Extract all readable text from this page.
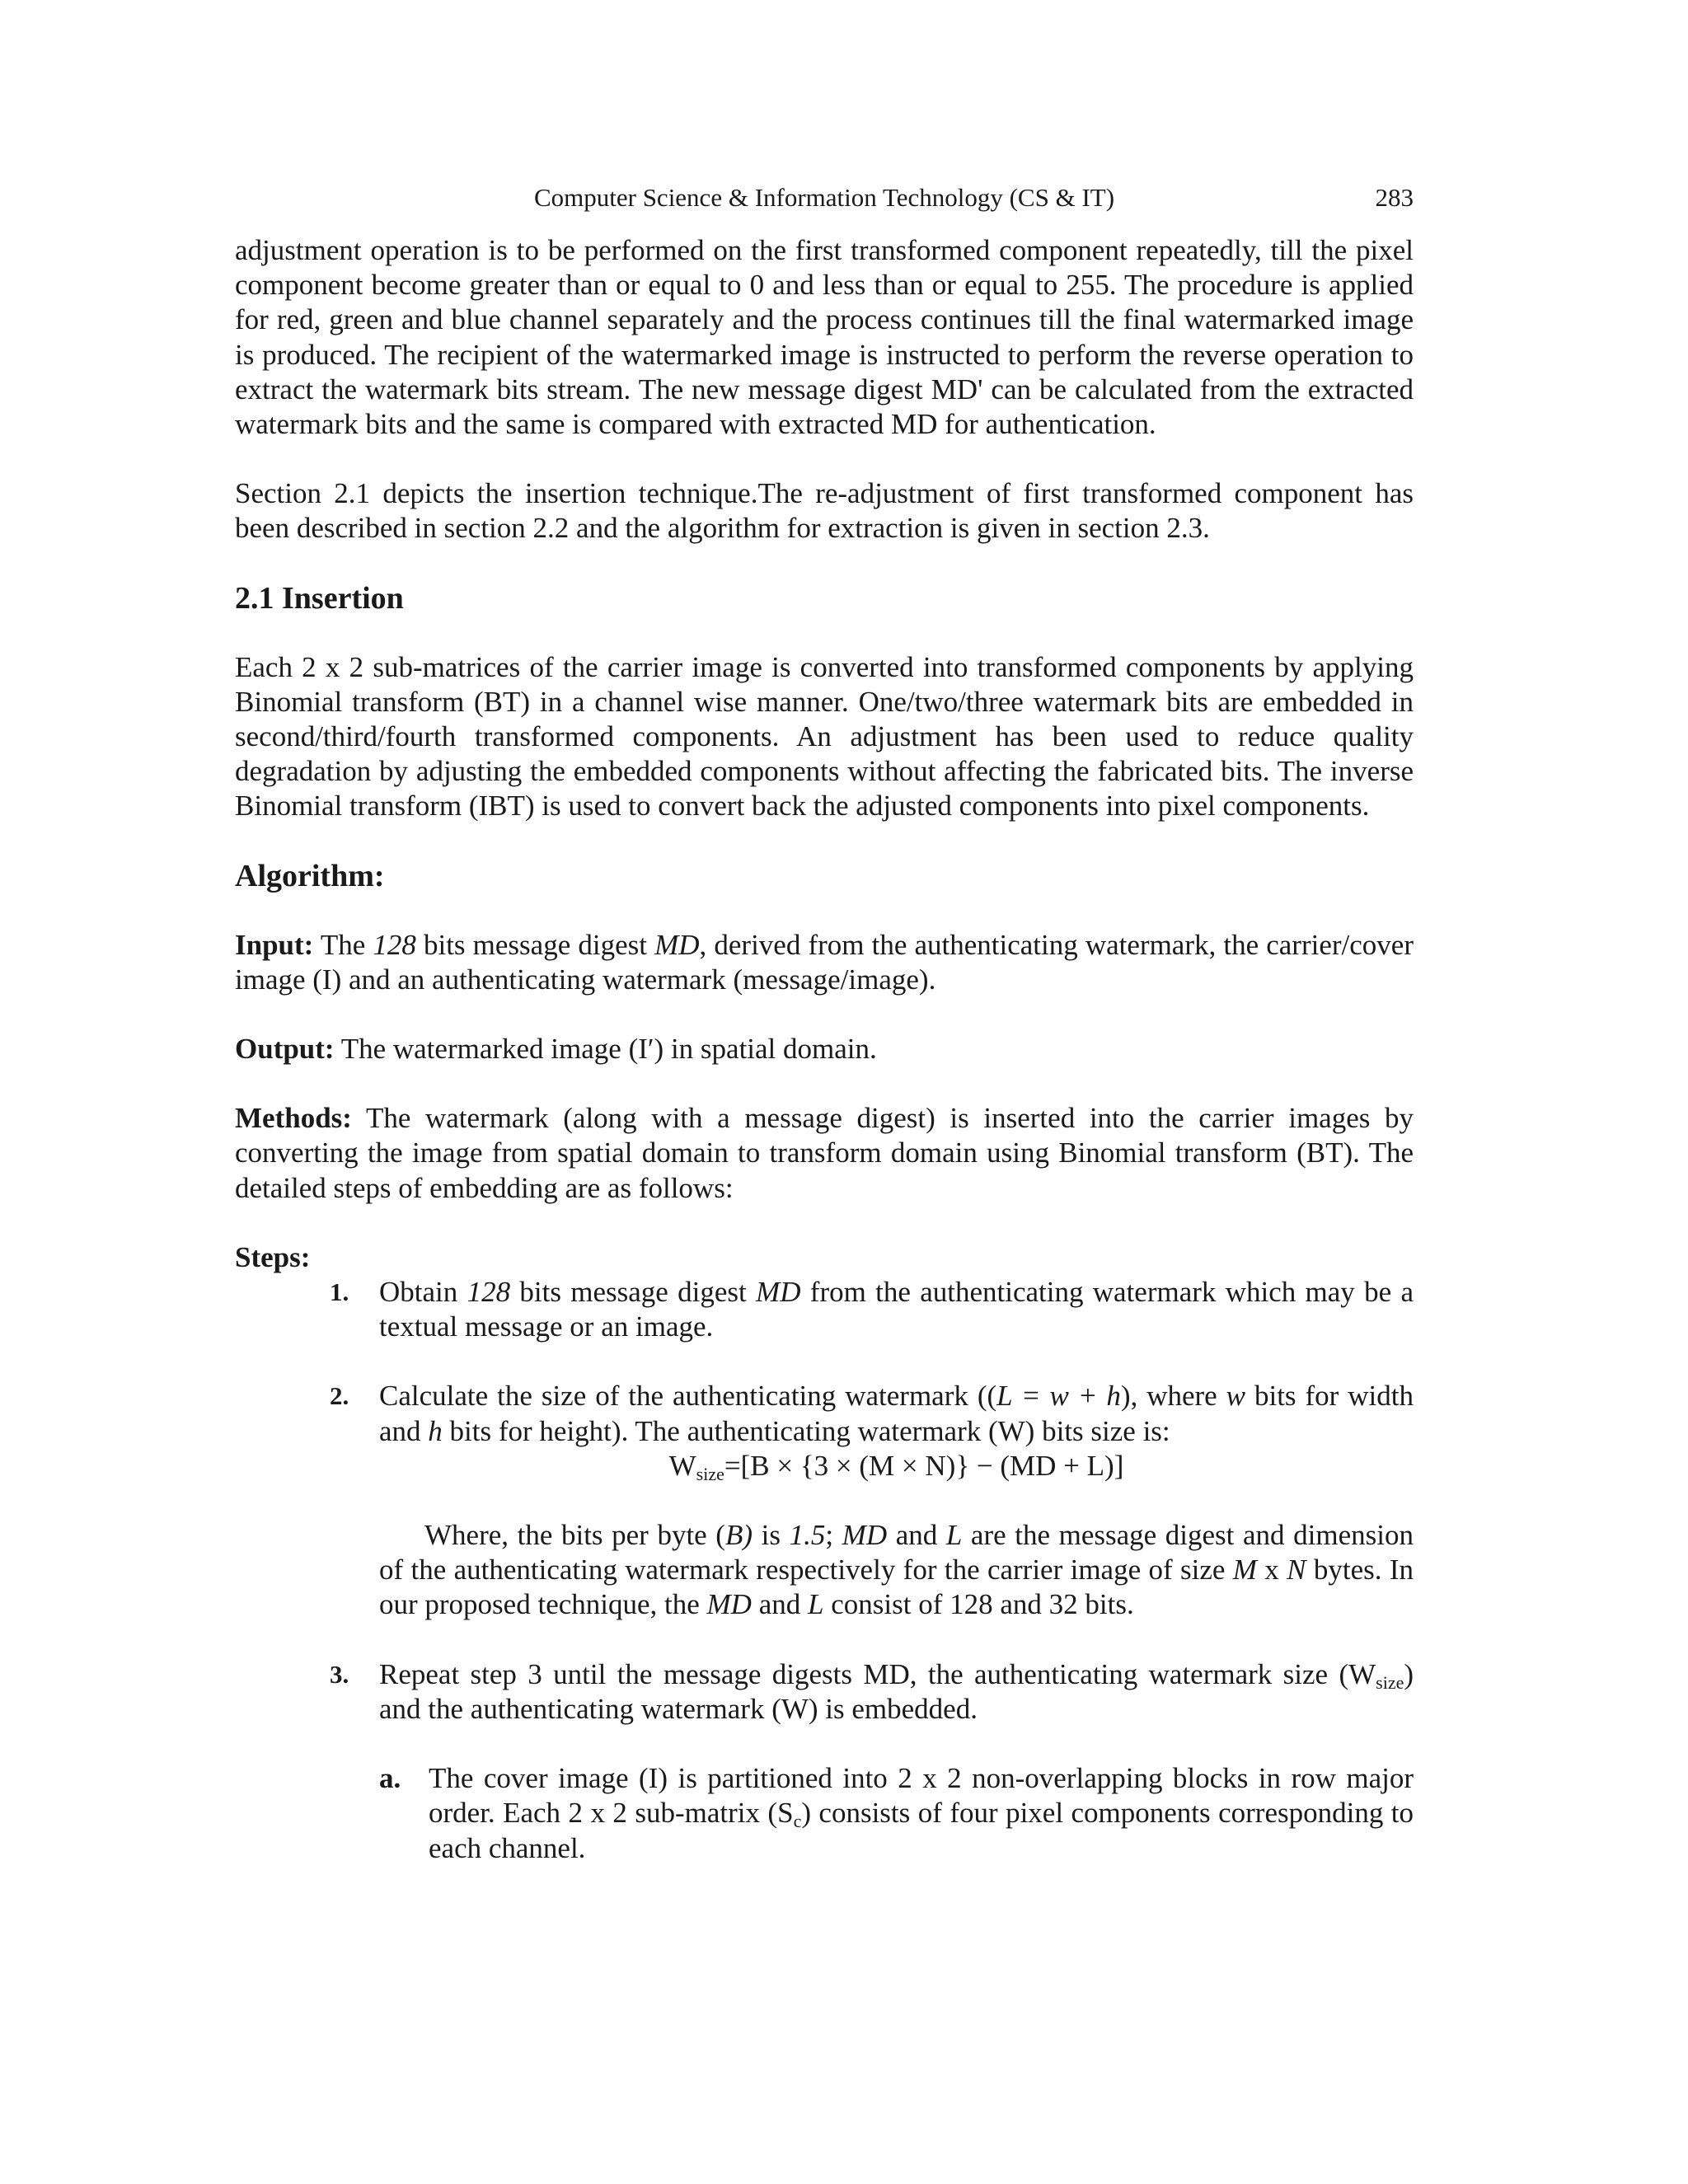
Computer Science & Information Technology (CS & IT)	283

adjustment operation is to be performed on the first transformed component repeatedly, till the pixel component become greater than or equal to 0 and less than or equal to 255. The procedure is applied for red, green and blue channel separately and the process continues till the final watermarked image is produced. The recipient of the watermarked image is instructed to perform the reverse operation to extract the watermark bits stream. The new message digest MD' can be calculated from the extracted watermark bits and the same is compared with extracted MD for authentication.

Section 2.1 depicts the insertion technique.The re-adjustment of first transformed component has been described in section 2.2 and the algorithm for extraction is given in section 2.3.

2.1 Insertion

Each 2 x 2 sub-matrices of the carrier image is converted into transformed components by applying Binomial transform (BT) in a channel wise manner. One/two/three watermark bits are embedded in second/third/fourth transformed components. An adjustment has been used to reduce quality degradation by adjusting the embedded components without affecting the fabricated bits. The inverse Binomial transform (IBT) is used to convert back the adjusted components into pixel components.

Algorithm:

Input: The 128 bits message digest MD, derived from the authenticating watermark, the carrier/cover image (I) and an authenticating watermark (message/image).

Output: The watermarked image (I′) in spatial domain.

Methods: The watermark (along with a message digest) is inserted into the carrier images by converting the image from spatial domain to transform domain using Binomial transform (BT). The detailed steps of embedding are as follows:

Steps:

1. Obtain 128 bits message digest MD from the authenticating watermark which may be a textual message or an image.

2. Calculate the size of the authenticating watermark ((L = w + h), where w bits for width and h bits for height). The authenticating watermark (W) bits size is:

$W_{size}=[B \times \{3 \times (M \times N)\} - (MD + L)]$

Where, the bits per byte (B) is 1.5; MD and L are the message digest and dimension of the authenticating watermark respectively for the carrier image of size M x N bytes. In our proposed technique, the MD and L consist of 128 and 32 bits.

3. Repeat step 3 until the message digests MD, the authenticating watermark size $(W_{size})$ and the authenticating watermark (W) is embedded.

a. The cover image (I) is partitioned into 2 x 2 non-overlapping blocks in row major order. Each 2 x 2 sub-matrix $(S_c)$ consists of four pixel components corresponding to each channel.
